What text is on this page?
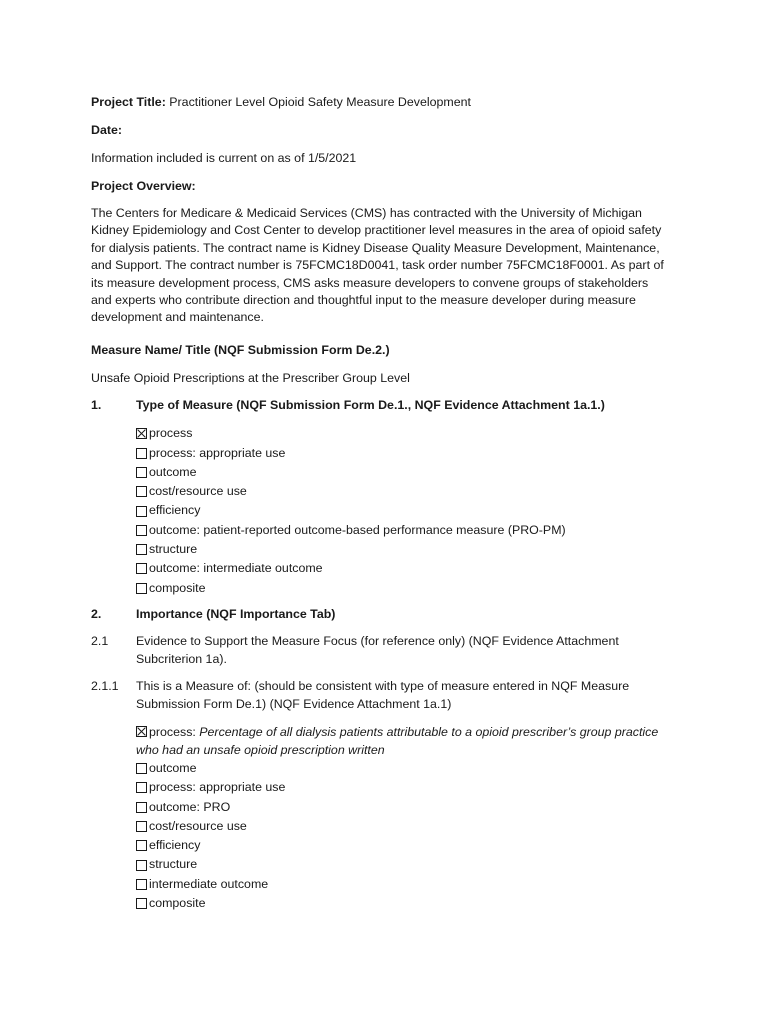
Project Title: Practitioner Level Opioid Safety Measure Development

Date:

Information included is current on as of 1/5/2021

Project Overview:

The Centers for Medicare & Medicaid Services (CMS) has contracted with the University of Michigan Kidney Epidemiology and Cost Center to develop practitioner level measures in the area of opioid safety for dialysis patients. The contract name is Kidney Disease Quality Measure Development, Maintenance, and Support. The contract number is 75FCMC18D0041, task order number 75FCMC18F0001. As part of its measure development process, CMS asks measure developers to convene groups of stakeholders and experts who contribute direction and thoughtful input to the measure developer during measure development and maintenance.

Measure Name/ Title (NQF Submission Form De.2.)

Unsafe Opioid Prescriptions at the Prescriber Group Level

1.	Type of Measure (NQF Submission Form De.1., NQF Evidence Attachment 1a.1.)
process
process: appropriate use
outcome
cost/resource use
efficiency
outcome: patient-reported outcome-based performance measure (PRO-PM)
structure
outcome: intermediate outcome
composite
2.	Importance (NQF Importance Tab)
2.1	Evidence to Support the Measure Focus (for reference only) (NQF Evidence Attachment Subcriterion 1a).
2.1.1	This is a Measure of: (should be consistent with type of measure entered in NQF Measure Submission Form De.1) (NQF Evidence Attachment 1a.1)
process: Percentage of all dialysis patients attributable to a opioid prescriber’s group practice who had an unsafe opioid prescription written
outcome
process: appropriate use
outcome: PRO
cost/resource use
efficiency
structure
intermediate outcome
composite
